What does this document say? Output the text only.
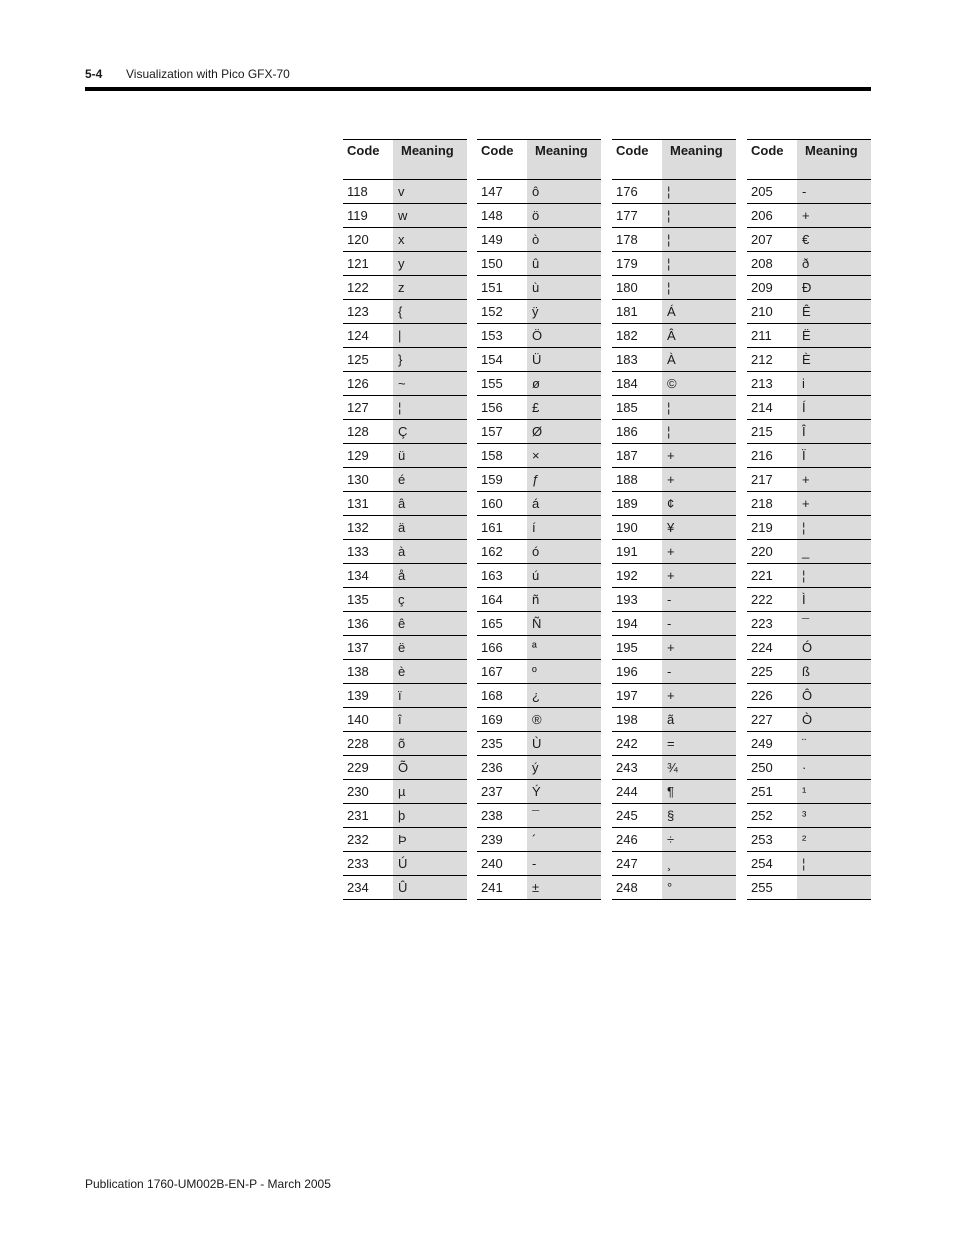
5-4 Visualization with Pico GFX-70
Code	Meaning
118	v
119	w
120	x
121	y
122	z
123	{
124	|
125	}
126	~
127	¦
128	Ç
129	ü
130	é
131	â
132	ä
133	à
134	å
135	ç
136	ê
137	ë
138	è
139	ï
140	î
228	õ
229	Õ
230	µ
231	þ
232	Þ
233	Ú
234	Û
Code	Meaning
147	ô
148	ö
149	ò
150	û
151	ù
152	ÿ
153	Ö
154	Ü
155	ø
156	£
157	Ø
158	×
159	ƒ
160	á
161	í
162	ó
163	ú
164	ñ
165	Ñ
166	ª
167	º
168	¿
169	®
235	Ù
236	ý
237	Ý
238	¯
239	´
240	-
241	±
Code	Meaning
176	¦
177	¦
178	¦
179	¦
180	¦
181	Á
182	Â
183	À
184	©
185	¦
186	¦
187	+
188	+
189	¢
190	¥
191	+
192	+
193	-
194	-
195	+
196	-
197	+
198	ã
242	=
243	¾
244	¶
245	§
246	÷
247	¸
248	°
Code	Meaning
205	-
206	+
207	€
208	ð
209	Ð
210	Ê
211	Ë
212	È
213	i
214	Í
215	Î
216	Ï
217	+
218	+
219	¦
220	_
221	¦
222	Ì
223	¯
224	Ó
225	ß
226	Ô
227	Ò
249	¨
250	·
251	¹
252	³
253	²
254	¦
255	
Publication 1760-UM002B-EN-P - March 2005
